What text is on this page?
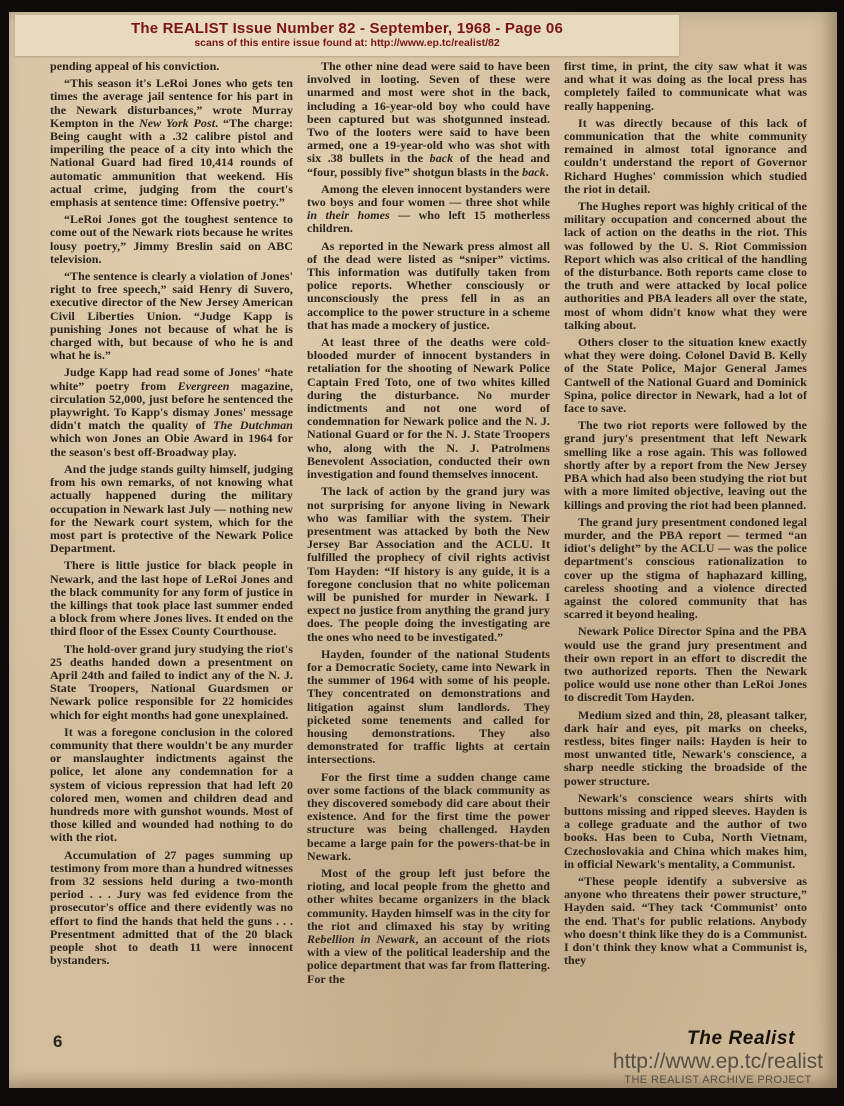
The REALIST Issue Number 82 - September, 1968 - Page 06
scans of this entire issue found at: http://www.ep.tc/realist/82

pending appeal of his conviction.

“This season it's LeRoi Jones who gets ten times the average jail sentence for his part in the Newark disturbances,” wrote Murray Kempton in the New York Post. “The charge: Being caught with a .32 calibre pistol and imperiling the peace of a city into which the National Guard had fired 10,414 rounds of automatic ammunition that weekend. His actual crime, judging from the court's emphasis at sentence time: Offensive poetry.”

“LeRoi Jones got the toughest sentence to come out of the Newark riots because he writes lousy poetry,” Jimmy Breslin said on ABC television.

“The sentence is clearly a violation of Jones' right to free speech,” said Henry di Suvero, executive director of the New Jersey American Civil Liberties Union. “Judge Kapp is punishing Jones not because of what he is charged with, but because of who he is and what he is.”

Judge Kapp had read some of Jones' “hate white” poetry from Evergreen magazine, circulation 52,000, just before he sentenced the playwright. To Kapp's dismay Jones' message didn't match the quality of The Dutchman which won Jones an Obie Award in 1964 for the season's best off-Broadway play.

And the judge stands guilty himself, judging from his own remarks, of not knowing what actually happened during the military occupation in Newark last July — nothing new for the Newark court system, which for the most part is protective of the Newark Police Department.

There is little justice for black people in Newark, and the last hope of LeRoi Jones and the black community for any form of justice in the killings that took place last summer ended a block from where Jones lives. It ended on the third floor of the Essex County Courthouse.

The hold-over grand jury studying the riot's 25 deaths handed down a presentment on April 24th and failed to indict any of the N. J. State Troopers, National Guardsmen or Newark police responsible for 22 homicides which for eight months had gone unexplained.

It was a foregone conclusion in the colored community that there wouldn't be any murder or manslaughter indictments against the police, let alone any condemnation for a system of vicious repression that had left 20 colored men, women and children dead and hundreds more with gunshot wounds. Most of those killed and wounded had nothing to do with the riot.

Accumulation of 27 pages summing up testimony from more than a hundred witnesses from 32 sessions held during a two-month period . . . Jury was fed evidence from the prosecutor's office and there evidently was no effort to find the hands that held the guns . . . Presentment admitted that of the 20 black people shot to death 11 were innocent bystanders.

The other nine dead were said to have been involved in looting. Seven of these were unarmed and most were shot in the back, including a 16-year-old boy who could have been captured but was shotgunned instead. Two of the looters were said to have been armed, one a 19-year-old who was shot with six .38 bullets in the back of the head and “four, possibly five” shotgun blasts in the back.

Among the eleven innocent bystanders were two boys and four women — three shot while in their homes — who left 15 motherless children.

As reported in the Newark press almost all of the dead were listed as “sniper” victims. This information was dutifully taken from police reports. Whether consciously or unconsciously the press fell in as an accomplice to the power structure in a scheme that has made a mockery of justice.

At least three of the deaths were cold-blooded murder of innocent bystanders in retaliation for the shooting of Newark Police Captain Fred Toto, one of two whites killed during the disturbance. No murder indictments and not one word of condemnation for Newark police and the N. J. National Guard or for the N. J. State Troopers who, along with the N. J. Patrolmens Benevolent Association, conducted their own investigation and found themselves innocent.

The lack of action by the grand jury was not surprising for anyone living in Newark who was familiar with the system. Their presentment was attacked by both the New Jersey Bar Association and the ACLU. It fulfilled the prophecy of civil rights activist Tom Hayden: “If history is any guide, it is a foregone conclusion that no white policeman will be punished for murder in Newark. I expect no justice from anything the grand jury does. The people doing the investigating are the ones who need to be investigated.”

Hayden, founder of the national Students for a Democratic Society, came into Newark in the summer of 1964 with some of his people. They concentrated on demonstrations and litigation against slum landlords. They picketed some tenements and called for housing demonstrations. They also demonstrated for traffic lights at certain intersections.

For the first time a sudden change came over some factions of the black community as they discovered somebody did care about their existence. And for the first time the power structure was being challenged. Hayden became a large pain for the powers-that-be in Newark.

Most of the group left just before the rioting, and local people from the ghetto and other whites became organizers in the black community. Hayden himself was in the city for the riot and climaxed his stay by writing Rebellion in Newark, an account of the riots with a view of the political leadership and the police department that was far from flattering. For the

first time, in print, the city saw what it was and what it was doing as the local press has completely failed to communicate what was really happening.

It was directly because of this lack of communication that the white community remained in almost total ignorance and couldn't understand the report of Governor Richard Hughes' commission which studied the riot in detail.

The Hughes report was highly critical of the military occupation and concerned about the lack of action on the deaths in the riot. This was followed by the U. S. Riot Commission Report which was also critical of the handling of the disturbance. Both reports came close to the truth and were attacked by local police authorities and PBA leaders all over the state, most of whom didn't know what they were talking about.

Others closer to the situation knew exactly what they were doing. Colonel David B. Kelly of the State Police, Major General James Cantwell of the National Guard and Dominick Spina, police director in Newark, had a lot of face to save.

The two riot reports were followed by the grand jury's presentment that left Newark smelling like a rose again. This was followed shortly after by a report from the New Jersey PBA which had also been studying the riot but with a more limited objective, leaving out the killings and proving the riot had been planned.

The grand jury presentment condoned legal murder, and the PBA report — termed “an idiot's delight” by the ACLU — was the police department's conscious rationalization to cover up the stigma of haphazard killing, careless shooting and a violence directed against the colored community that has scarred it beyond healing.

Newark Police Director Spina and the PBA would use the grand jury presentment and their own report in an effort to discredit the two authorized reports. Then the Newark police would use none other than LeRoi Jones to discredit Tom Hayden.

Medium sized and thin, 28, pleasant talker, dark hair and eyes, pit marks on cheeks, restless, bites finger nails: Hayden is heir to most unwanted title, Newark's conscience, a sharp needle sticking the broadside of the power structure.

Newark's conscience wears shirts with buttons missing and ripped sleeves. Hayden is a college graduate and the author of two books. Has been to Cuba, North Vietnam, Czechoslovakia and China which makes him, in official Newark's mentality, a Communist.

“These people identify a subversive as anyone who threatens their power structure,” Hayden said. “They tack ‘Communist’ onto the end. That's for public relations. Anybody who doesn't think like they do is a Communist. I don't think they know what a Communist is, they

6	The Realist
http://www.ep.tc/realist
THE REALIST ARCHIVE PROJECT
